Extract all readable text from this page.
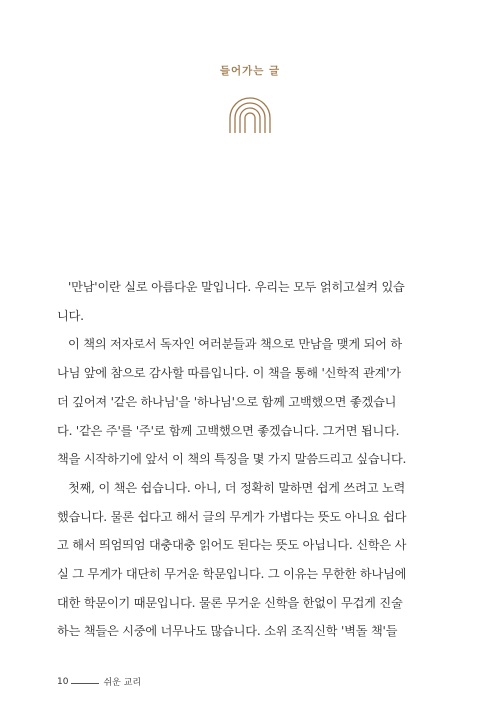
들어가는 글

'만남'이란 실로 아름다운 말입니다. 우리는 모두 얽히고설켜 있습
니다.

이 책의 저자로서 독자인 여러분들과 책으로 만남을 맺게 되어 하
나님 앞에 참으로 감사할 따름입니다. 이 책을 통해 '신학적 관계'가
더 깊어져 '같은 하나님'을 '하나님'으로 함께 고백했으면 좋겠습니
다. '같은 주'를 '주'로 함께 고백했으면 좋겠습니다. 그거면 됩니다.
책을 시작하기에 앞서 이 책의 특징을 몇 가지 말씀드리고 싶습니다.

첫째, 이 책은 쉽습니다. 아니, 더 정확히 말하면 쉽게 쓰려고 노력
했습니다. 물론 쉽다고 해서 글의 무게가 가볍다는 뜻도 아니요 쉽다
고 해서 띄엄띄엄 대충대충 읽어도 된다는 뜻도 아닙니다. 신학은 사
실 그 무게가 대단히 무거운 학문입니다. 그 이유는 무한한 하나님에
대한 학문이기 때문입니다. 물론 무거운 신학을 한없이 무겁게 진술
하는 책들은 시중에 너무나도 많습니다. 소위 조직신학 '벽돌 책'들

10	쉬운 교리
